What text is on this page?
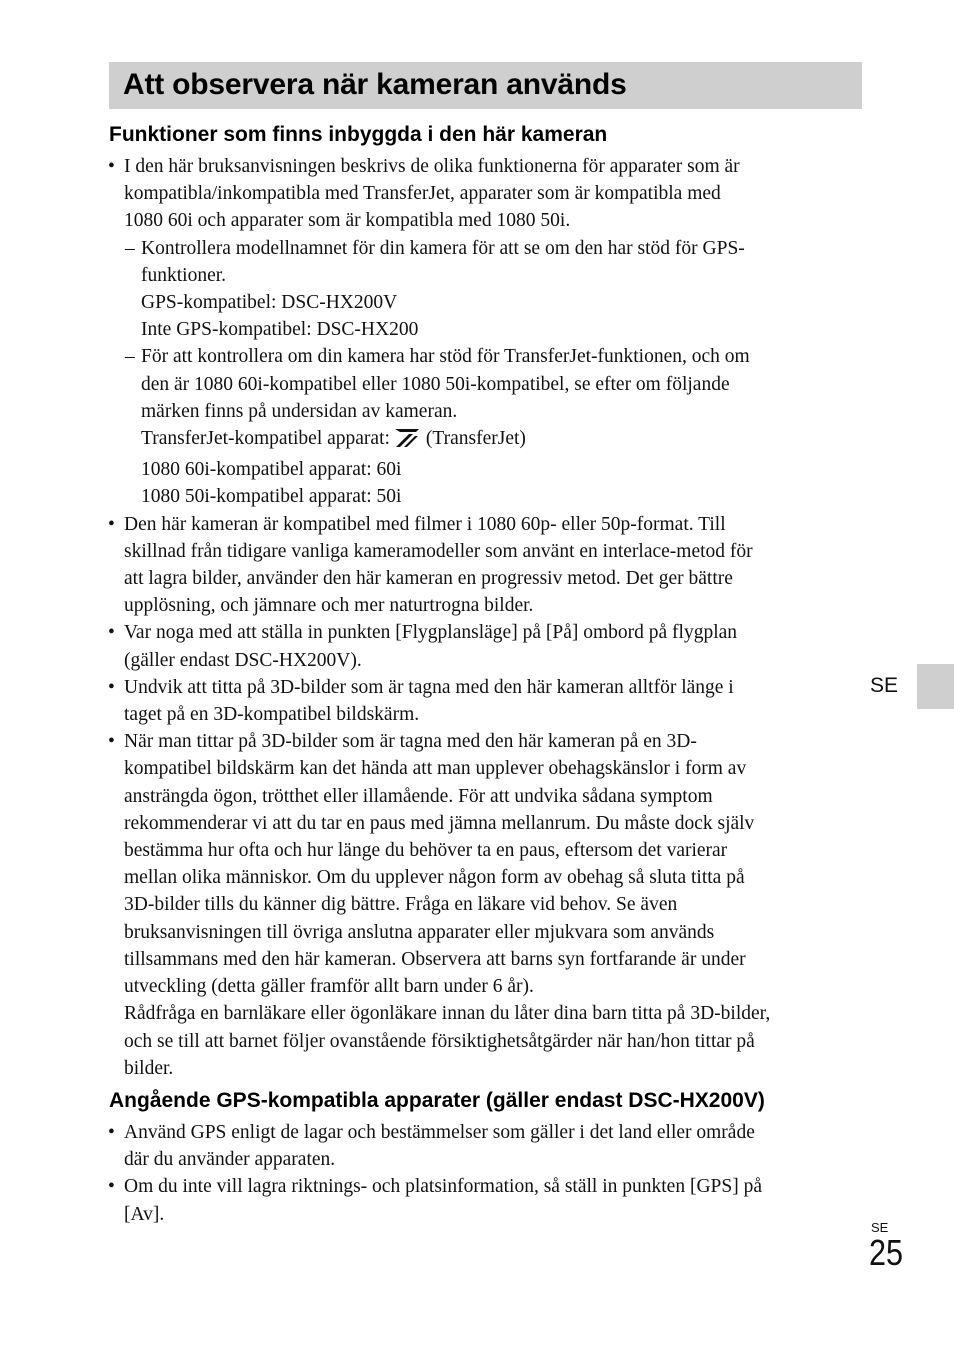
Att observera när kameran används
Funktioner som finns inbyggda i den här kameran
• I den här bruksanvisningen beskrivs de olika funktionerna för apparater som är
kompatibla/inkompatibla med TransferJet, apparater som är kompatibla med
1080 60i och apparater som är kompatibla med 1080 50i.
– Kontrollera modellnamnet för din kamera för att se om den har stöd för GPS-
funktioner.
GPS-kompatibel: DSC-HX200V
Inte GPS-kompatibel: DSC-HX200
– För att kontrollera om din kamera har stöd för TransferJet-funktionen, och om
den är 1080 60i-kompatibel eller 1080 50i-kompatibel, se efter om följande
märken finns på undersidan av kameran.
TransferJet-kompatibel apparat: (TransferJet)
1080 60i-kompatibel apparat: 60i
1080 50i-kompatibel apparat: 50i
• Den här kameran är kompatibel med filmer i 1080 60p- eller 50p-format. Till
skillnad från tidigare vanliga kameramodeller som använt en interlace-metod för
att lagra bilder, använder den här kameran en progressiv metod. Det ger bättre
upplösning, och jämnare och mer naturtrogna bilder.
• Var noga med att ställa in punkten [Flygplansläge] på [På] ombord på flygplan
(gäller endast DSC-HX200V).
• Undvik att titta på 3D-bilder som är tagna med den här kameran alltför länge i
taget på en 3D-kompatibel bildskärm.
• När man tittar på 3D-bilder som är tagna med den här kameran på en 3D-
kompatibel bildskärm kan det hända att man upplever obehagskänslor i form av
ansträngda ögon, trötthet eller illamående. För att undvika sådana symptom
rekommenderar vi att du tar en paus med jämna mellanrum. Du måste dock själv
bestämma hur ofta och hur länge du behöver ta en paus, eftersom det varierar
mellan olika människor. Om du upplever någon form av obehag så sluta titta på
3D-bilder tills du känner dig bättre. Fråga en läkare vid behov. Se även
bruksanvisningen till övriga anslutna apparater eller mjukvara som används
tillsammans med den här kameran. Observera att barns syn fortfarande är under
utveckling (detta gäller framför allt barn under 6 år).
Rådfråga en barnläkare eller ögonläkare innan du låter dina barn titta på 3D-bilder,
och se till att barnet följer ovanstående försiktighetsåtgärder när han/hon tittar på
bilder.
Angående GPS-kompatibla apparater (gäller endast DSC-HX200V)
• Använd GPS enligt de lagar och bestämmelser som gäller i det land eller område
där du använder apparaten.
• Om du inte vill lagra riktnings- och platsinformation, så ställ in punkten [GPS] på
[Av].
SE
SE
25
